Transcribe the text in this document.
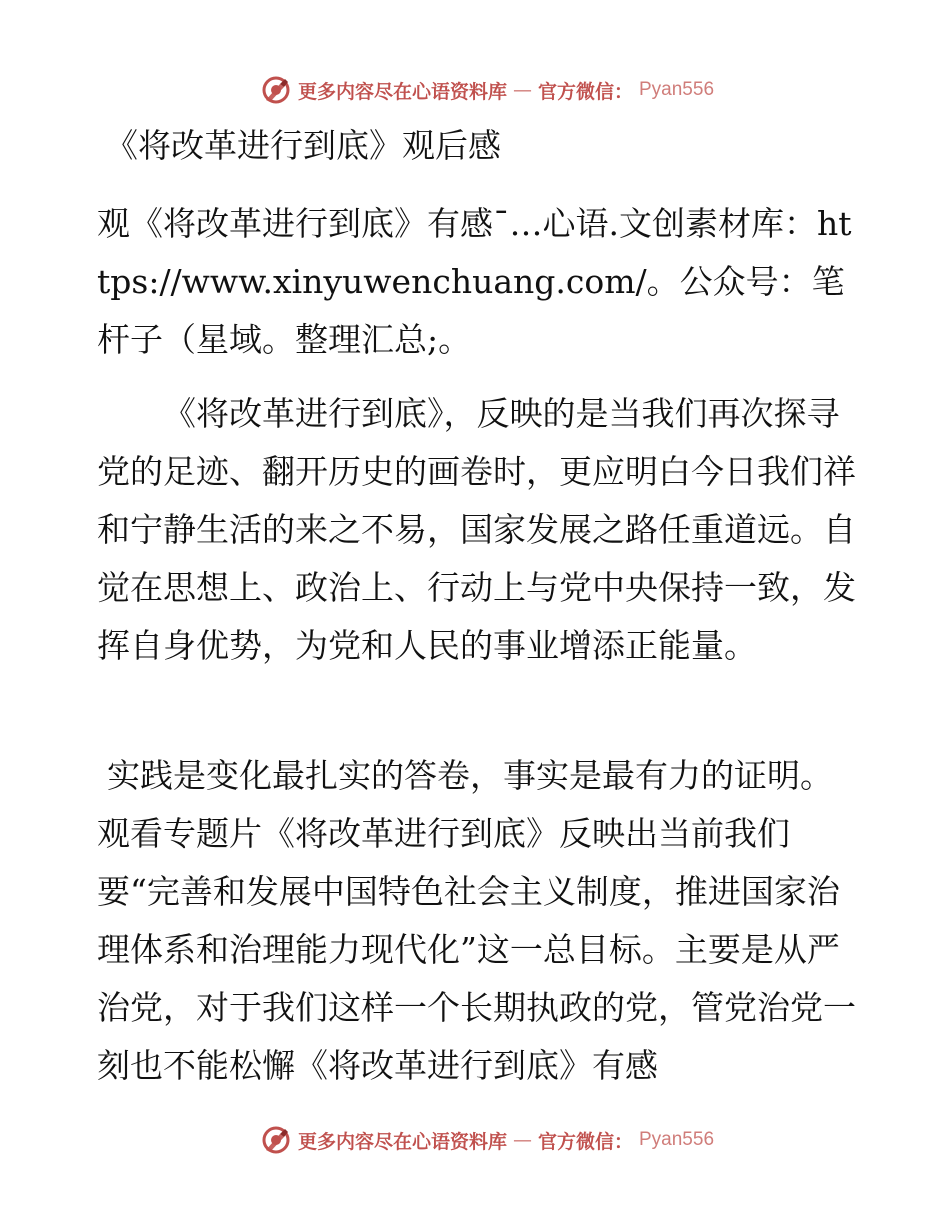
更多内容尽在心语资料库 — 官方微信： Pyan556
《将改革进行到底》观后感
观《将改革进行到底》有感¯…心语.文创素材库：https://www.xinyuwenchuang.com/。公众号：笔杆子（星域。整理汇总;。
《将改革进行到底》，反映的是当我们再次探寻党的足迹、翻开历史的画卷时，更应明白今日我们祥和宁静生活的来之不易，国家发展之路任重道远。自觉在思想上、政治上、行动上与党中央保持一致，发挥自身优势，为党和人民的事业增添正能量。
实践是变化最扎实的答卷，事实是最有力的证明。观看专题片《将改革进行到底》反映出当前我们要“完善和发展中国特色社会主义制度，推进国家治理体系和治理能力现代化”这一总目标。主要是从严治党，对于我们这样一个长期执政的党，管党治党一刻也不能松懈《将改革进行到底》有感
更多内容尽在心语资料库 — 官方微信： Pyan556
